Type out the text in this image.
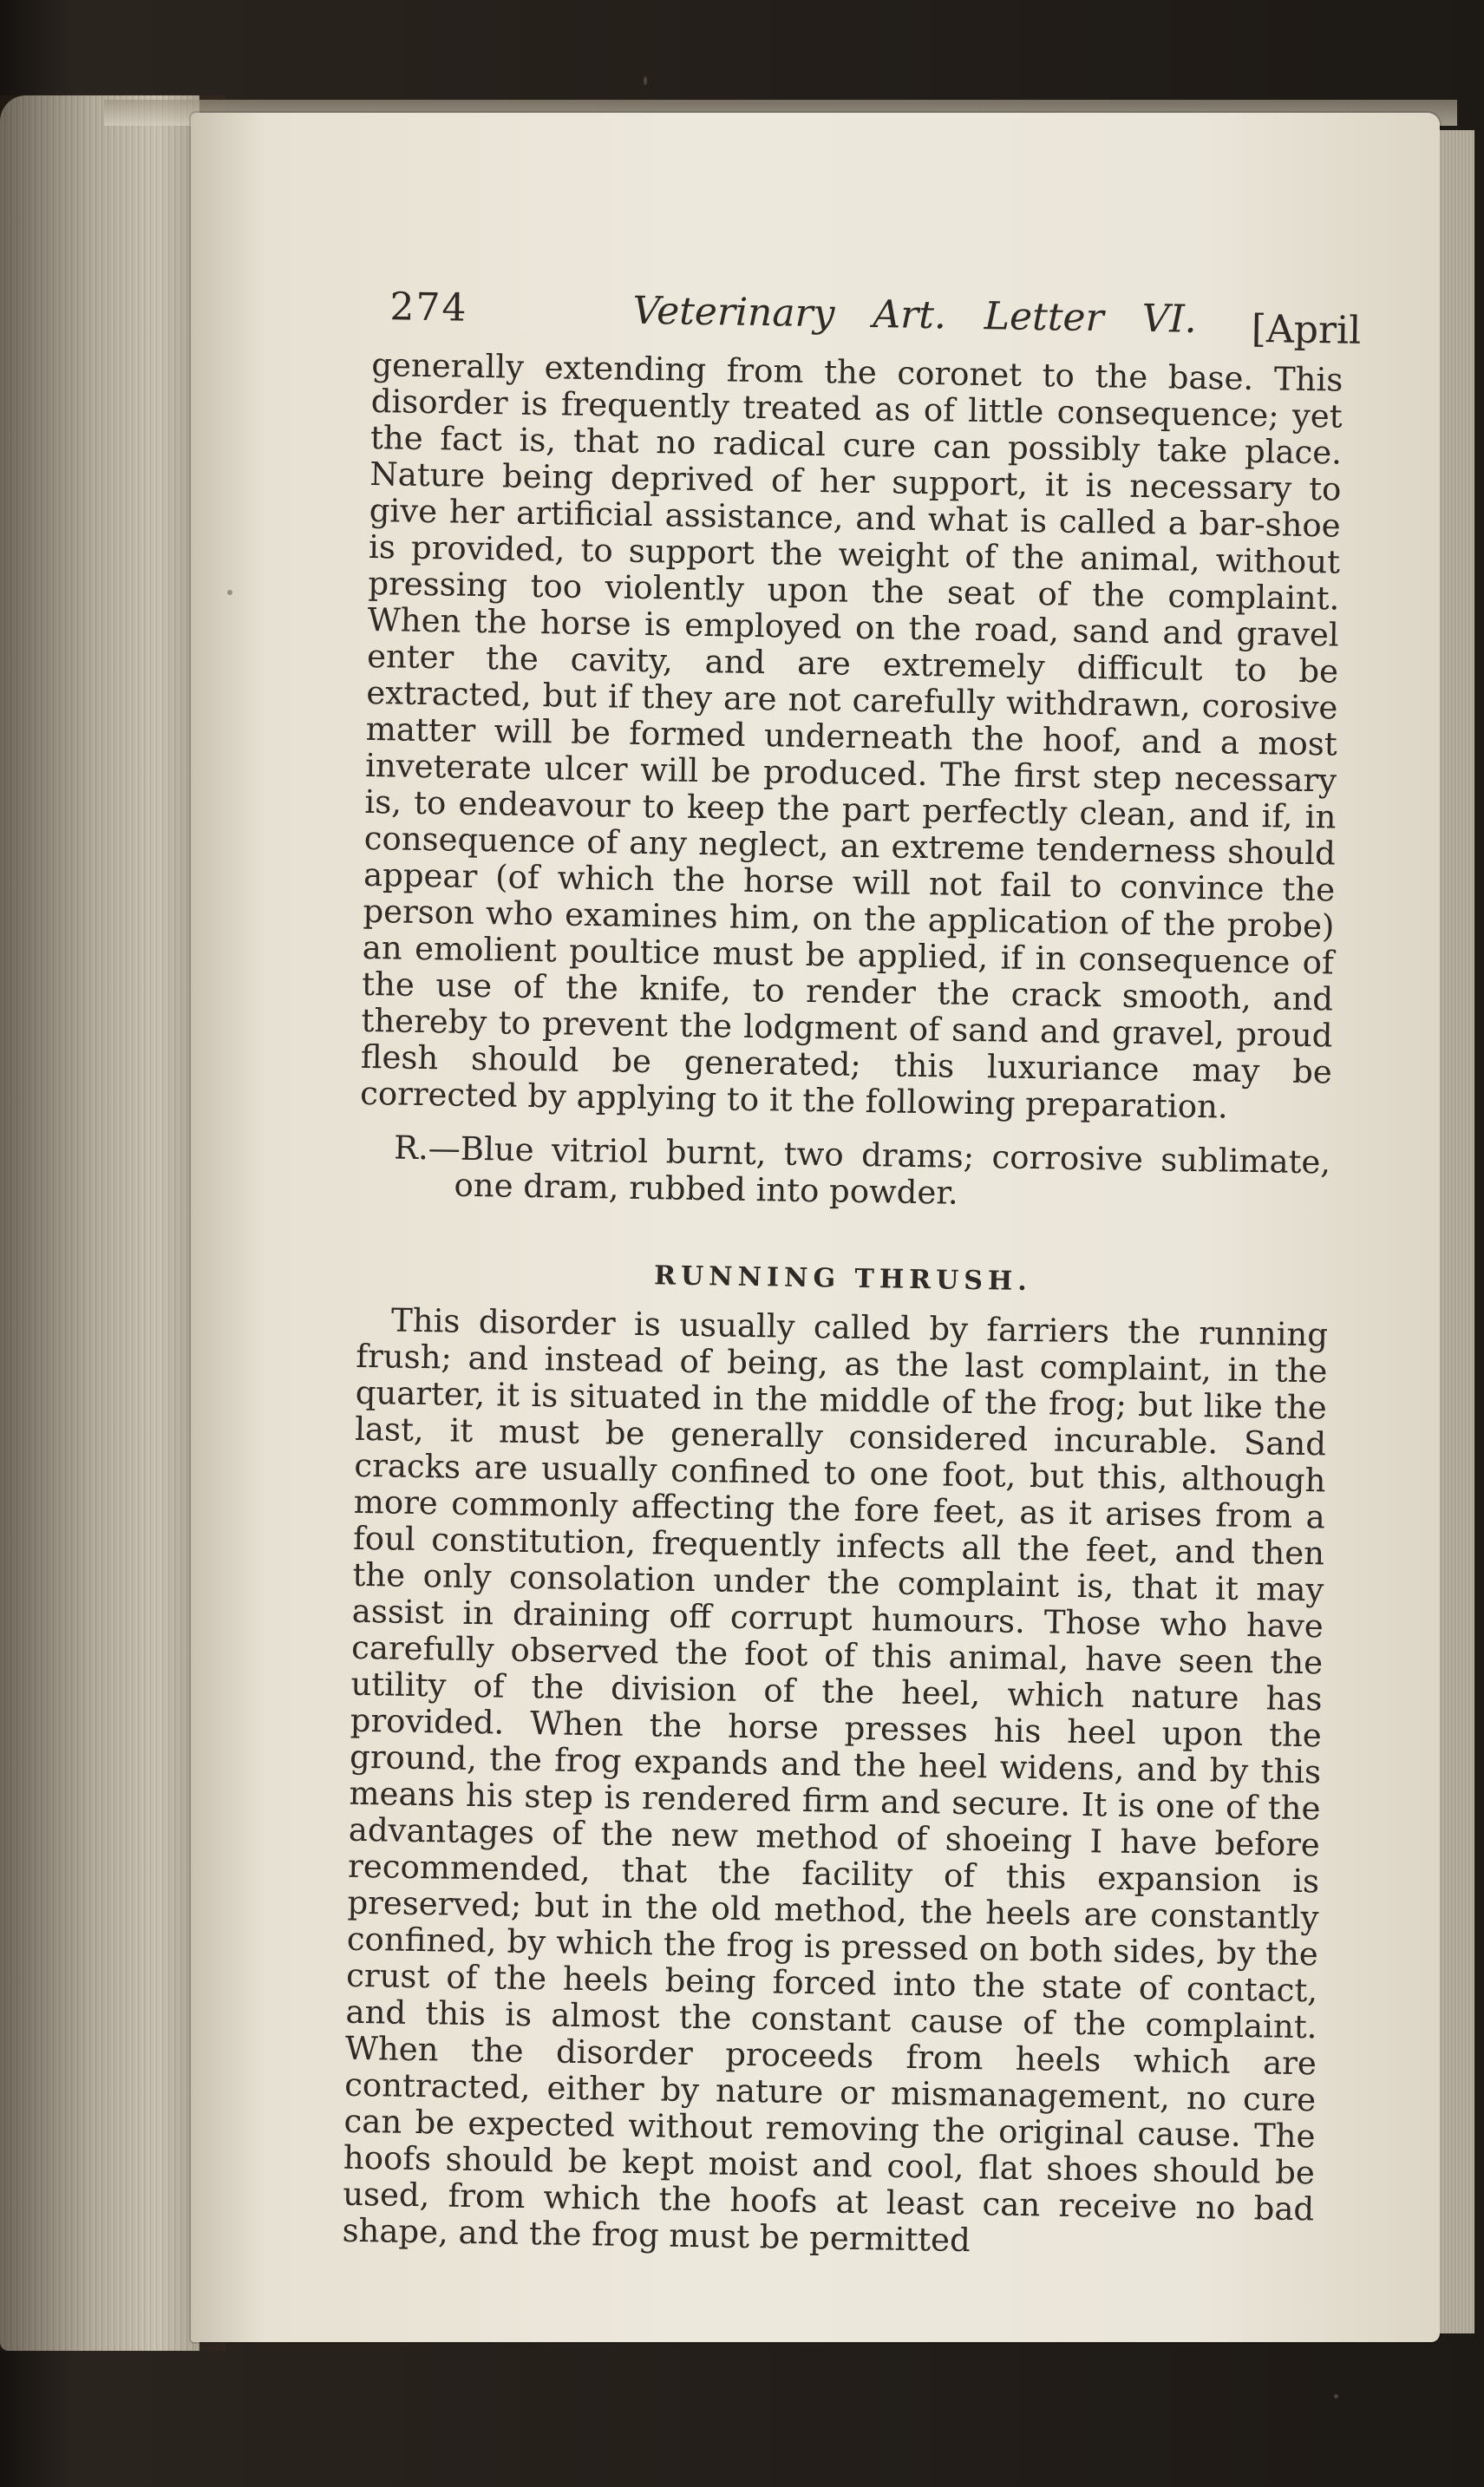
274	Veterinary Art. Letter VI. [April

generally extending from the coronet to the base. This disorder is frequently treated as of little consequence; yet the fact is, that no radical cure can possibly take place. Nature being deprived of her support, it is necessary to give her artificial assistance, and what is called a bar-shoe is provided, to support the weight of the animal, without pressing too violently upon the seat of the complaint. When the horse is employed on the road, sand and gravel enter the cavity, and are extremely difficult to be extracted, but if they are not carefully withdrawn, corosive matter will be formed underneath the hoof, and a most inveterate ulcer will be produced. The first step necessary is, to endeavour to keep the part perfectly clean, and if, in consequence of any neglect, an extreme tenderness should appear (of which the horse will not fail to convince the person who examines him, on the application of the probe) an emolient poultice must be applied, if in consequence of the use of the knife, to render the crack smooth, and thereby to prevent the lodgment of sand and gravel, proud flesh should be generated; this luxuriance may be corrected by applying to it the following preparation.

R.—Blue vitriol burnt, two drams; corrosive sublimate, one dram, rubbed into powder.

RUNNING THRUSH.

This disorder is usually called by farriers the running frush; and instead of being, as the last complaint, in the quarter, it is situated in the middle of the frog; but like the last, it must be generally considered incurable. Sand cracks are usually confined to one foot, but this, although more commonly affecting the fore feet, as it arises from a foul constitution, frequently infects all the feet, and then the only consolation under the complaint is, that it may assist in draining off corrupt humours. Those who have carefully observed the foot of this animal, have seen the utility of the division of the heel, which nature has provided. When the horse presses his heel upon the ground, the frog expands and the heel widens, and by this means his step is rendered firm and secure. It is one of the advantages of the new method of shoeing I have before recommended, that the facility of this expansion is preserved; but in the old method, the heels are constantly confined, by which the frog is pressed on both sides, by the crust of the heels being forced into the state of contact, and this is almost the constant cause of the complaint. When the disorder proceeds from heels which are contracted, either by nature or mismanagement, no cure can be expected without removing the original cause. The hoofs should be kept moist and cool, flat shoes should be used, from which the hoofs at least can receive no bad shape, and the frog must be permitted
